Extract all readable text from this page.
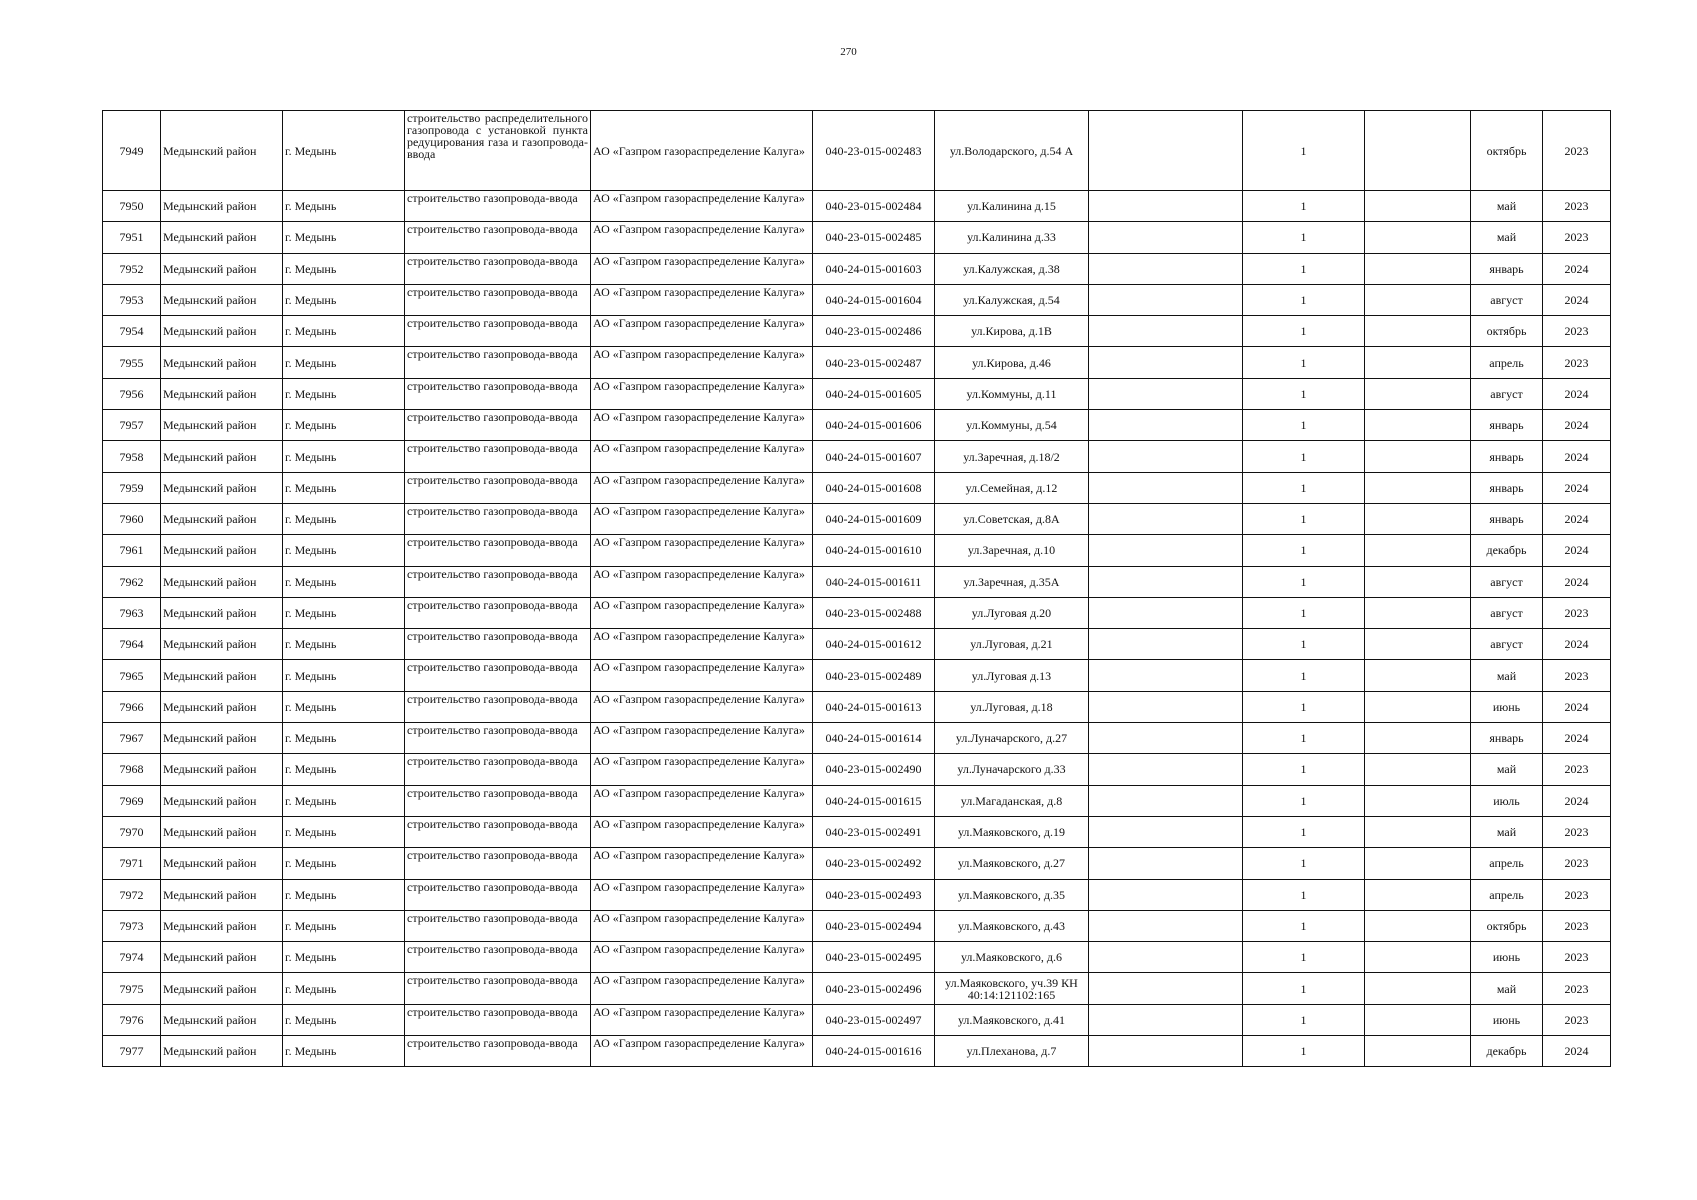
270
7949	Медынский район	г. Медынь	строительство распределительного газопровода с установкой пункта редуцирования газа и газопровода-ввода	АО «Газпром газораспределение Калуга»	040-23-015-002483	ул.Володарского, д.54 А		1		октябрь	2023
7950	Медынский район	г. Медынь	строительство газопровода-ввода	АО «Газпром газораспределение Калуга»	040-23-015-002484	ул.Калинина д.15		1		май	2023
7951	Медынский район	г. Медынь	строительство газопровода-ввода	АО «Газпром газораспределение Калуга»	040-23-015-002485	ул.Калинина д.33		1		май	2023
7952	Медынский район	г. Медынь	строительство газопровода-ввода	АО «Газпром газораспределение Калуга»	040-24-015-001603	ул.Калужская, д.38		1		январь	2024
7953	Медынский район	г. Медынь	строительство газопровода-ввода	АО «Газпром газораспределение Калуга»	040-24-015-001604	ул.Калужская, д.54		1		август	2024
7954	Медынский район	г. Медынь	строительство газопровода-ввода	АО «Газпром газораспределение Калуга»	040-23-015-002486	ул.Кирова, д.1В		1		октябрь	2023
7955	Медынский район	г. Медынь	строительство газопровода-ввода	АО «Газпром газораспределение Калуга»	040-23-015-002487	ул.Кирова, д.46		1		апрель	2023
7956	Медынский район	г. Медынь	строительство газопровода-ввода	АО «Газпром газораспределение Калуга»	040-24-015-001605	ул.Коммуны, д.11		1		август	2024
7957	Медынский район	г. Медынь	строительство газопровода-ввода	АО «Газпром газораспределение Калуга»	040-24-015-001606	ул.Коммуны, д.54		1		январь	2024
7958	Медынский район	г. Медынь	строительство газопровода-ввода	АО «Газпром газораспределение Калуга»	040-24-015-001607	ул.Заречная, д.18/2		1		январь	2024
7959	Медынский район	г. Медынь	строительство газопровода-ввода	АО «Газпром газораспределение Калуга»	040-24-015-001608	ул.Семейная, д.12		1		январь	2024
7960	Медынский район	г. Медынь	строительство газопровода-ввода	АО «Газпром газораспределение Калуга»	040-24-015-001609	ул.Советская, д.8А		1		январь	2024
7961	Медынский район	г. Медынь	строительство газопровода-ввода	АО «Газпром газораспределение Калуга»	040-24-015-001610	ул.Заречная, д.10		1		декабрь	2024
7962	Медынский район	г. Медынь	строительство газопровода-ввода	АО «Газпром газораспределение Калуга»	040-24-015-001611	ул.Заречная, д.35А		1		август	2024
7963	Медынский район	г. Медынь	строительство газопровода-ввода	АО «Газпром газораспределение Калуга»	040-23-015-002488	ул.Луговая д.20		1		август	2023
7964	Медынский район	г. Медынь	строительство газопровода-ввода	АО «Газпром газораспределение Калуга»	040-24-015-001612	ул.Луговая, д.21		1		август	2024
7965	Медынский район	г. Медынь	строительство газопровода-ввода	АО «Газпром газораспределение Калуга»	040-23-015-002489	ул.Луговая д.13		1		май	2023
7966	Медынский район	г. Медынь	строительство газопровода-ввода	АО «Газпром газораспределение Калуга»	040-24-015-001613	ул.Луговая, д.18		1		июнь	2024
7967	Медынский район	г. Медынь	строительство газопровода-ввода	АО «Газпром газораспределение Калуга»	040-24-015-001614	ул.Луначарского, д.27		1		январь	2024
7968	Медынский район	г. Медынь	строительство газопровода-ввода	АО «Газпром газораспределение Калуга»	040-23-015-002490	ул.Луначарского д.33		1		май	2023
7969	Медынский район	г. Медынь	строительство газопровода-ввода	АО «Газпром газораспределение Калуга»	040-24-015-001615	ул.Магаданская, д.8		1		июль	2024
7970	Медынский район	г. Медынь	строительство газопровода-ввода	АО «Газпром газораспределение Калуга»	040-23-015-002491	ул.Маяковского, д.19		1		май	2023
7971	Медынский район	г. Медынь	строительство газопровода-ввода	АО «Газпром газораспределение Калуга»	040-23-015-002492	ул.Маяковского, д.27		1		апрель	2023
7972	Медынский район	г. Медынь	строительство газопровода-ввода	АО «Газпром газораспределение Калуга»	040-23-015-002493	ул.Маяковского, д.35		1		апрель	2023
7973	Медынский район	г. Медынь	строительство газопровода-ввода	АО «Газпром газораспределение Калуга»	040-23-015-002494	ул.Маяковского, д.43		1		октябрь	2023
7974	Медынский район	г. Медынь	строительство газопровода-ввода	АО «Газпром газораспределение Калуга»	040-23-015-002495	ул.Маяковского, д.6		1		июнь	2023
7975	Медынский район	г. Медынь	строительство газопровода-ввода	АО «Газпром газораспределение Калуга»	040-23-015-002496	ул.Маяковского, уч.39 КН 40:14:121102:165		1		май	2023
7976	Медынский район	г. Медынь	строительство газопровода-ввода	АО «Газпром газораспределение Калуга»	040-23-015-002497	ул.Маяковского, д.41		1		июнь	2023
7977	Медынский район	г. Медынь	строительство газопровода-ввода	АО «Газпром газораспределение Калуга»	040-24-015-001616	ул.Плеханова, д.7		1		декабрь	2024
